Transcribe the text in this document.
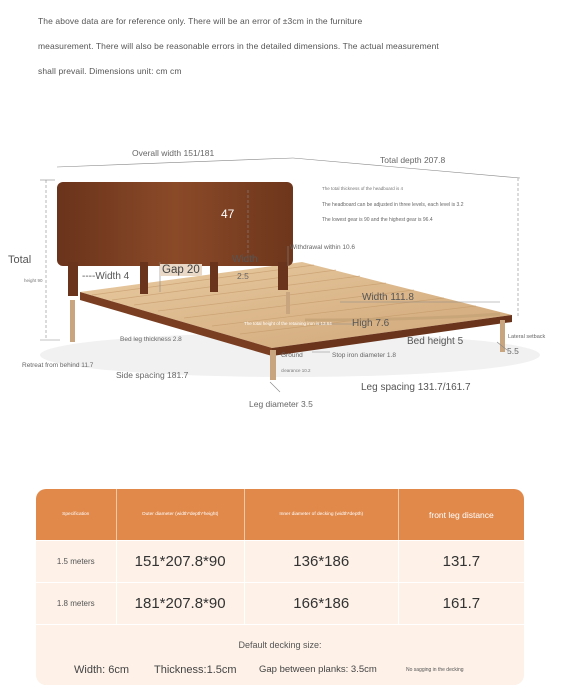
The above data are for reference only. There will be an error of ±3cm in the furniture
measurement. There will also be reasonable errors in the detailed dimensions. The actual measurement
shall prevail. Dimensions unit: cm cm
Overall width 151/181
Total depth 207.8
Total
height 90
The total thickness of the headboard is 4
The headboard can be adjusted in three levels, each level is 3.2
The lowest gear is 90 and the highest gear is 96.4
47
Withdrawal within 10.6
----Width 4
Gap 20
Width
2.5
Width 111.8
The total height of the retaining iron is 13.64 High 7.6
Bed height 5	Lateral setback
5.5
Bed leg thickness 2.8
Ground
clearance 10.2
Stop iron diameter 1.8
Retreat from behind 11.7
Side spacing 181.7
Leg spacing 131.7/161.7
Leg diameter 3.5
Specification	Outer diameter (width*depth*height)	Inner diameter of decking (width*depth)	front leg distance
1.5 meters	151*207.8*90	136*186	131.7
1.8 meters	181*207.8*90	166*186	161.7
Default decking size:
Width: 6cm Thickness:1.5cm Gap between planks: 3.5cm	No sagging in the decking
